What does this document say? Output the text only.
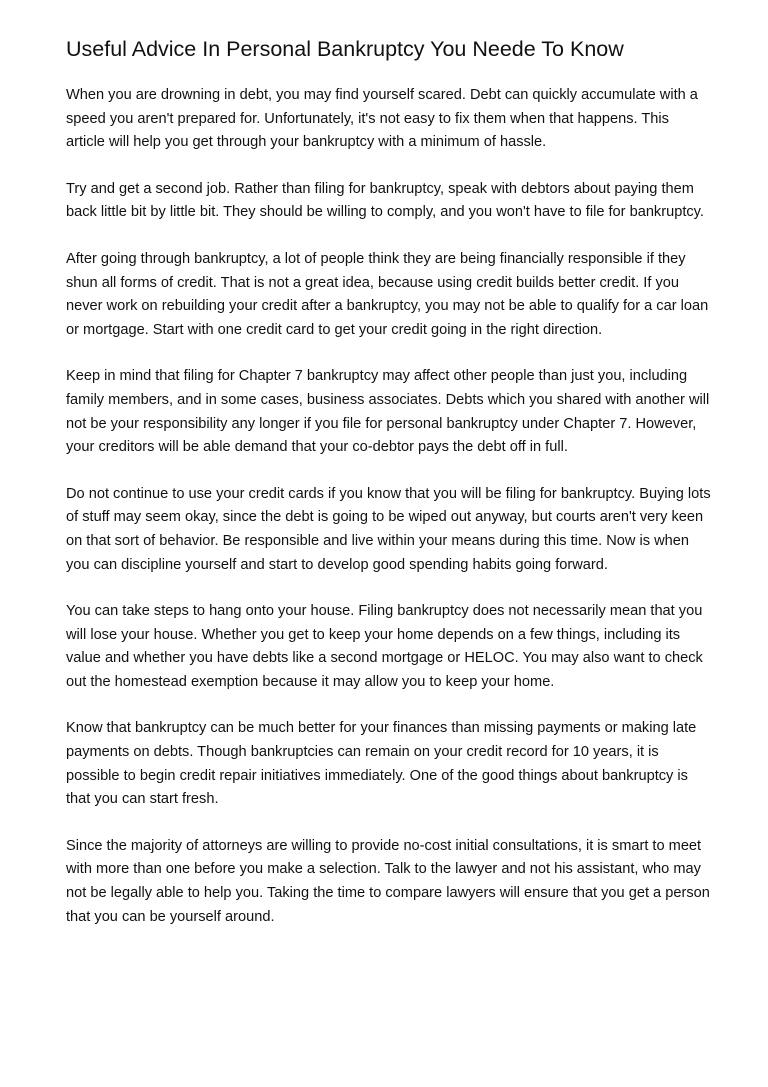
Useful Advice In Personal Bankruptcy You Neede To Know

When you are drowning in debt, you may find yourself scared. Debt can quickly accumulate with a speed you aren't prepared for. Unfortunately, it's not easy to fix them when that happens. This article will help you get through your bankruptcy with a minimum of hassle.

Try and get a second job. Rather than filing for bankruptcy, speak with debtors about paying them back little bit by little bit. They should be willing to comply, and you won't have to file for bankruptcy.

After going through bankruptcy, a lot of people think they are being financially responsible if they shun all forms of credit. That is not a great idea, because using credit builds better credit. If you never work on rebuilding your credit after a bankruptcy, you may not be able to qualify for a car loan or mortgage. Start with one credit card to get your credit going in the right direction.

Keep in mind that filing for Chapter 7 bankruptcy may affect other people than just you, including family members, and in some cases, business associates. Debts which you shared with another will not be your responsibility any longer if you file for personal bankruptcy under Chapter 7. However, your creditors will be able demand that your co-debtor pays the debt off in full.

Do not continue to use your credit cards if you know that you will be filing for bankruptcy. Buying lots of stuff may seem okay, since the debt is going to be wiped out anyway, but courts aren't very keen on that sort of behavior. Be responsible and live within your means during this time. Now is when you can discipline yourself and start to develop good spending habits going forward.

You can take steps to hang onto your house. Filing bankruptcy does not necessarily mean that you will lose your house. Whether you get to keep your home depends on a few things, including its value and whether you have debts like a second mortgage or HELOC. You may also want to check out the homestead exemption because it may allow you to keep your home.

Know that bankruptcy can be much better for your finances than missing payments or making late payments on debts. Though bankruptcies can remain on your credit record for 10 years, it is possible to begin credit repair initiatives immediately. One of the good things about bankruptcy is that you can start fresh.

Since the majority of attorneys are willing to provide no-cost initial consultations, it is smart to meet with more than one before you make a selection. Talk to the lawyer and not his assistant, who may not be legally able to help you. Taking the time to compare lawyers will ensure that you get a person that you can be yourself around.
